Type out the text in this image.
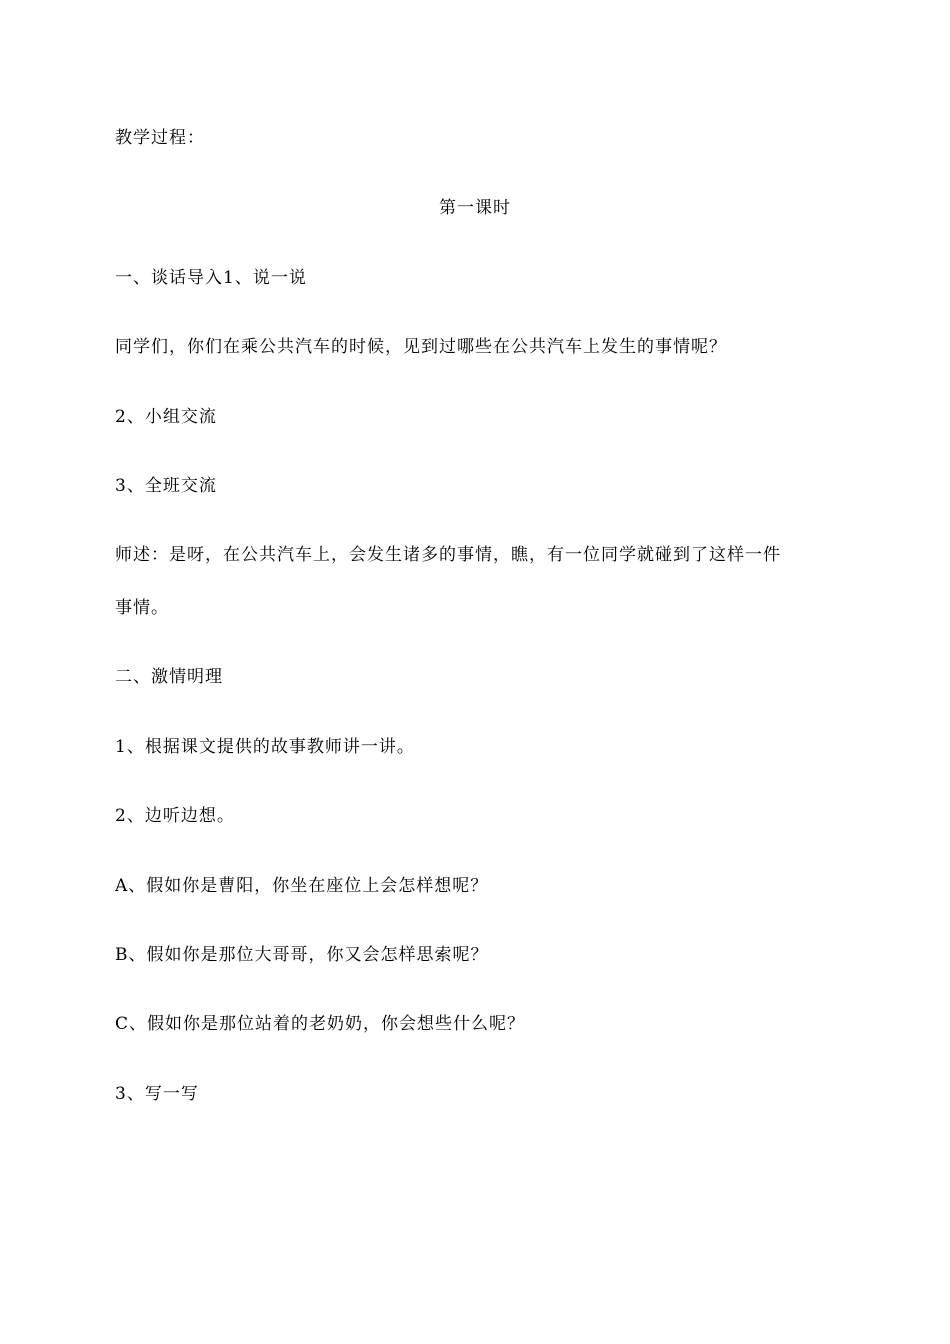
教学过程：
第一课时
一、谈话导入1、说一说
同学们，你们在乘公共汽车的时候，见到过哪些在公共汽车上发生的事情呢？
2、小组交流
3、全班交流
师述：是呀，在公共汽车上，会发生诸多的事情，瞧，有一位同学就碰到了这样一件
事情。
二、激情明理
1、根据课文提供的故事教师讲一讲。
2、边听边想。
A、假如你是曹阳，你坐在座位上会怎样想呢？
B、假如你是那位大哥哥，你又会怎样思索呢？
C、假如你是那位站着的老奶奶，你会想些什么呢？
3、写一写
